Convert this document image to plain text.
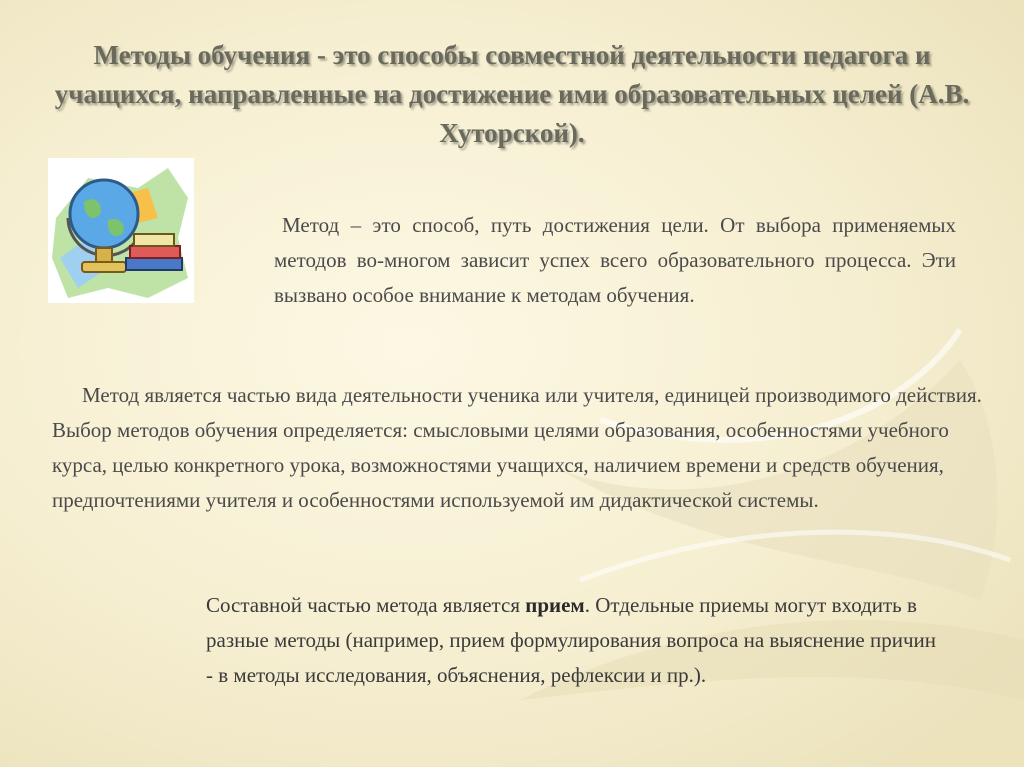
Методы обучения - это способы совместной деятельности педагога и учащихся, направленные на достижение ими образовательных целей (А.В. Хуторской).

Метод – это способ, путь достижения цели. От выбора применяемых методов во-многом зависит успех всего образовательного процесса. Эти вызвано особое внимание к методам обучения.

Метод является частью вида деятельности ученика или учителя, единицей производимого действия. Выбор методов обучения определяется: смысловыми целями образования, особенностями учебного курса, целью конкретного урока, возможностями учащихся, наличием времени и средств обучения, предпочтениями учителя и особенностями используемой им дидактической системы.

Составной частью метода является прием. Отдельные приемы могут входить в разные методы (например, прием формулирования вопроса на выяснение причин - в методы исследования, объяснения, рефлексии и пр.).
